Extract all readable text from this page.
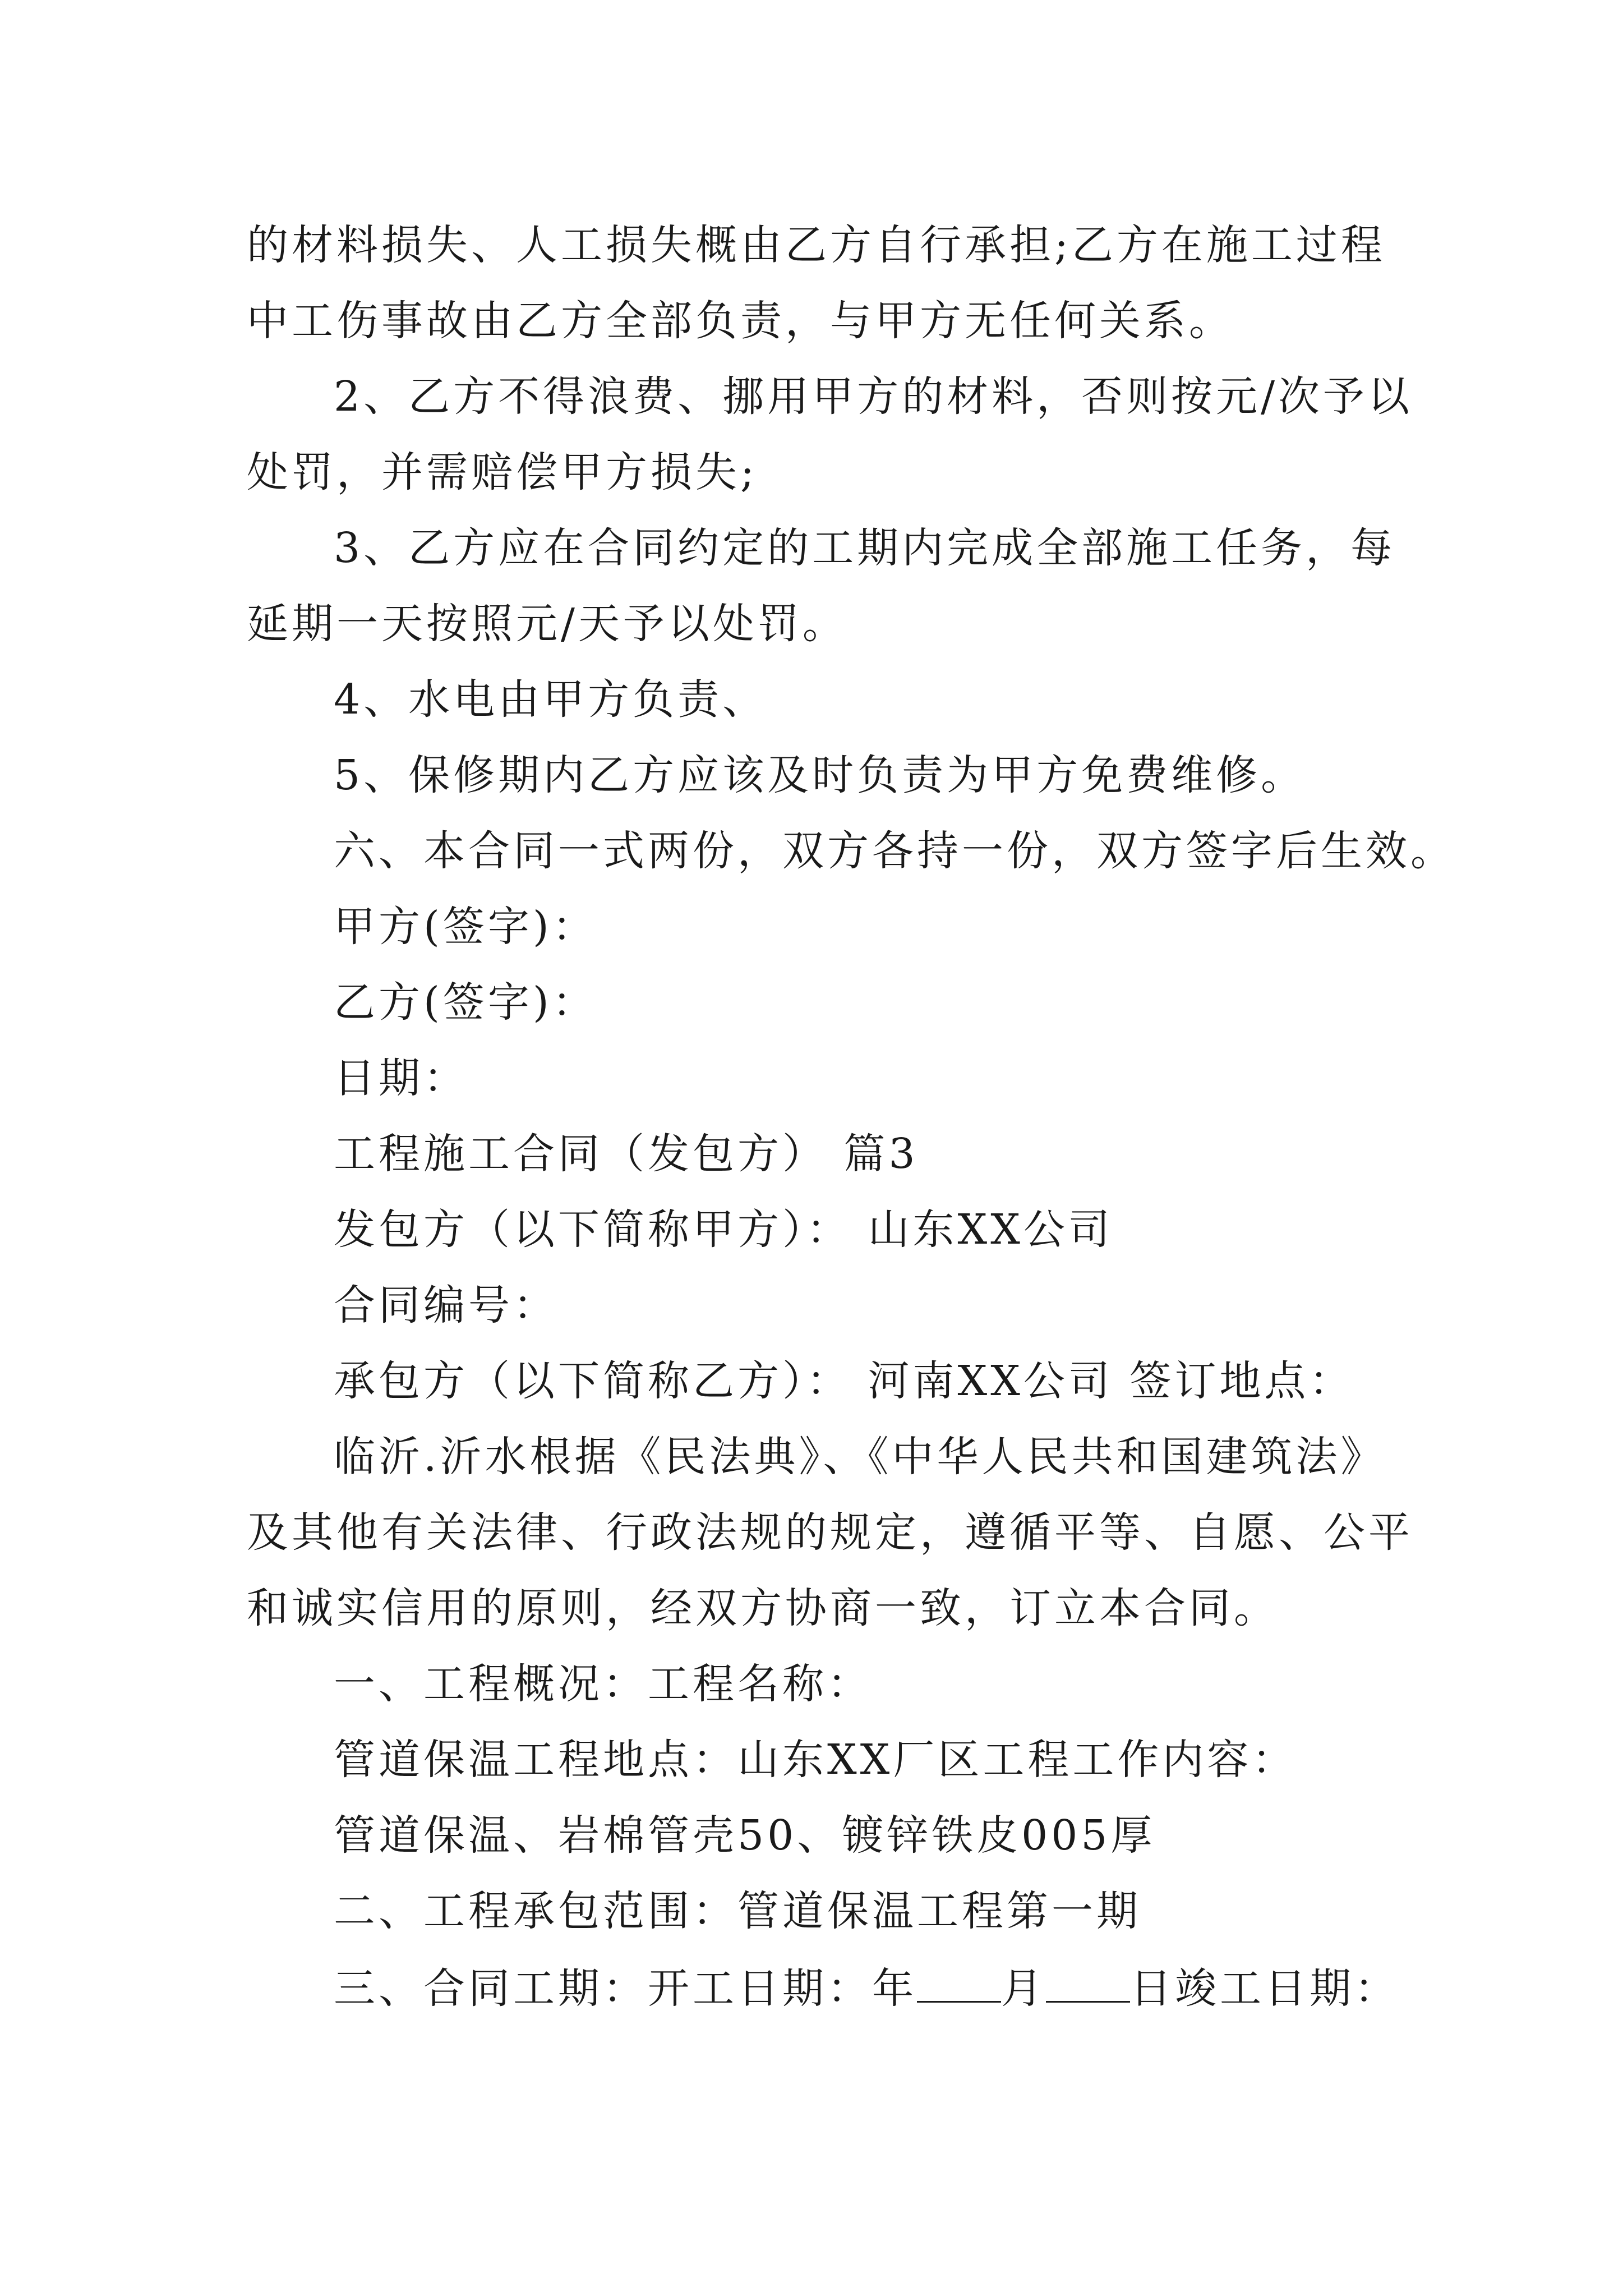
的材料损失、人工损失概由乙方自行承担;乙方在施工过程
中工伤事故由乙方全部负责，与甲方无任何关系。
2、乙方不得浪费、挪用甲方的材料，否则按元/次予以
处罚，并需赔偿甲方损失;
3、乙方应在合同约定的工期内完成全部施工任务，每
延期一天按照元/天予以处罚。
4、水电由甲方负责、
5、保修期内乙方应该及时负责为甲方免费维修。
六、本合同一式两份，双方各持一份，双方签字后生效。
甲方(签字)：
乙方(签字)：
日期：
工程施工合同（发包方） 篇3
发包方（以下简称甲方）： 山东XX公司
合同编号：
承包方（以下简称乙方）： 河南XX公司 签订地点：
临沂.沂水根据《民法典》、《中华人民共和国建筑法》
及其他有关法律、行政法规的规定，遵循平等、自愿、公平
和诚实信用的原则，经双方协商一致，订立本合同。
一、工程概况：工程名称：
管道保温工程地点：山东XX厂区工程工作内容：
管道保温、岩棉管壳50、镀锌铁皮005厚
二、工程承包范围：管道保温工程第一期
三、合同工期：开工日期：年 月 日竣工日期：
